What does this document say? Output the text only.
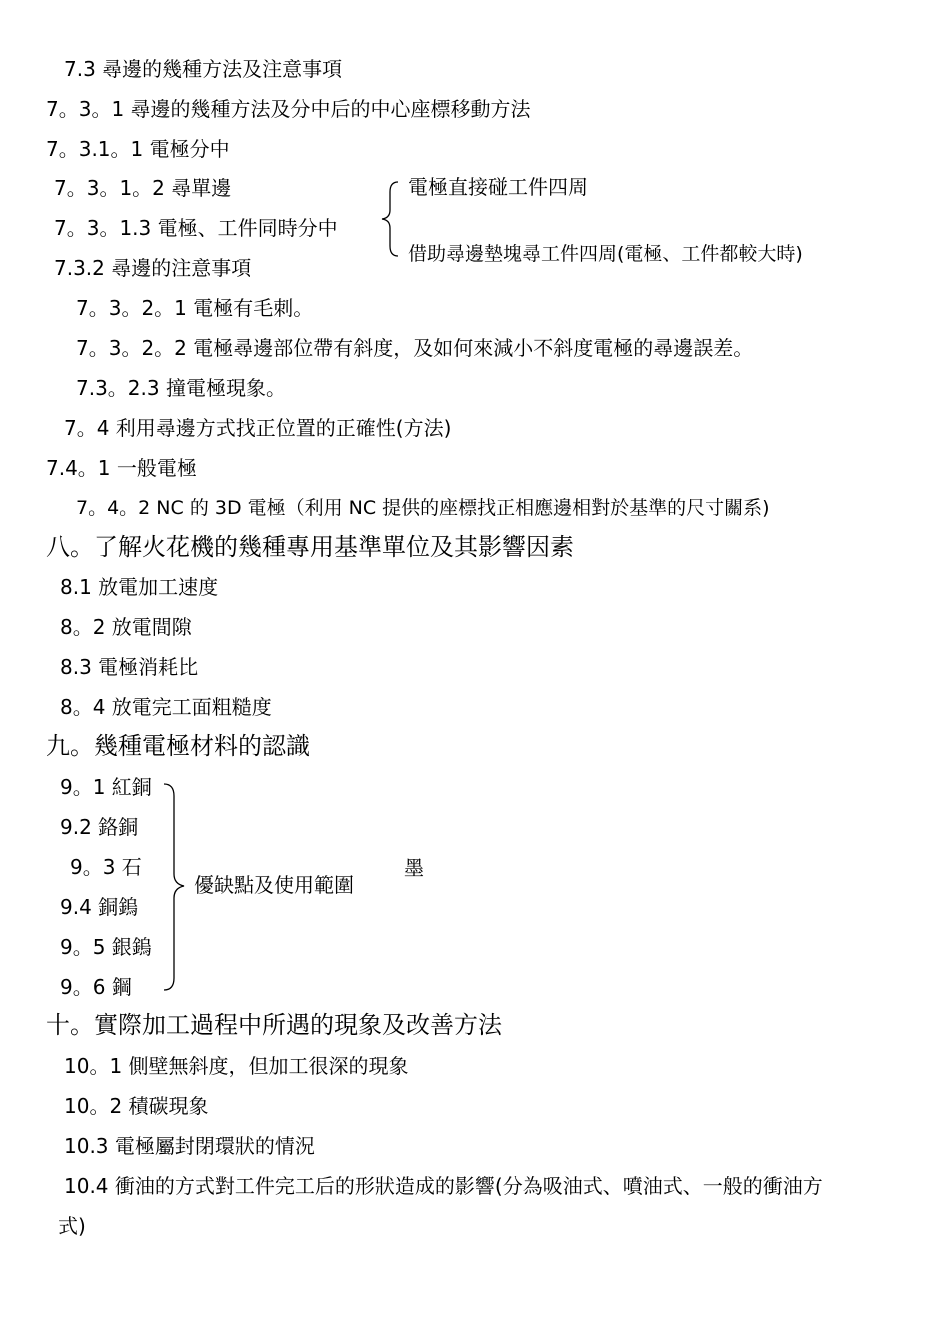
7.3 尋邊的幾種方法及注意事項
7。3。1 尋邊的幾種方法及分中后的中心座標移動方法
7。3.1。1 電極分中
7。3。1。2 尋單邊
7。3。1.3 電極、工件同時分中
7.3.2 尋邊的注意事項
電極直接碰工件四周
借助尋邊墊塊尋工件四周(電極、工件都較大時)
7。3。2。1 電極有毛刺。
7。3。2。2 電極尋邊部位帶有斜度，及如何來減小不斜度電極的尋邊誤差。
7.3。2.3 撞電極現象。
7。4 利用尋邊方式找正位置的正確性(方法)
7.4。1 一般電極
7。4。2 NC 的 3D 電極（利用 NC 提供的座標找正相應邊相對於基準的尺寸關系)
八。了解火花機的幾種專用基準單位及其影響因素
8.1 放電加工速度
8。2 放電間隙
8.3 電極消耗比
8。4 放電完工面粗糙度
九。幾種電極材料的認識
9。1 紅銅
9.2 鉻銅
9。3 石
9.4 銅鎢
9。5 銀鎢
9。6 鋼
優缺點及使用範圍
墨
十。實際加工過程中所遇的現象及改善方法
10。1 側壁無斜度，但加工很深的現象
10。2 積碳現象
10.3 電極屬封閉環狀的情況
10.4 衝油的方式對工件完工后的形狀造成的影響(分為吸油式、噴油式、一般的衝油方
式)
